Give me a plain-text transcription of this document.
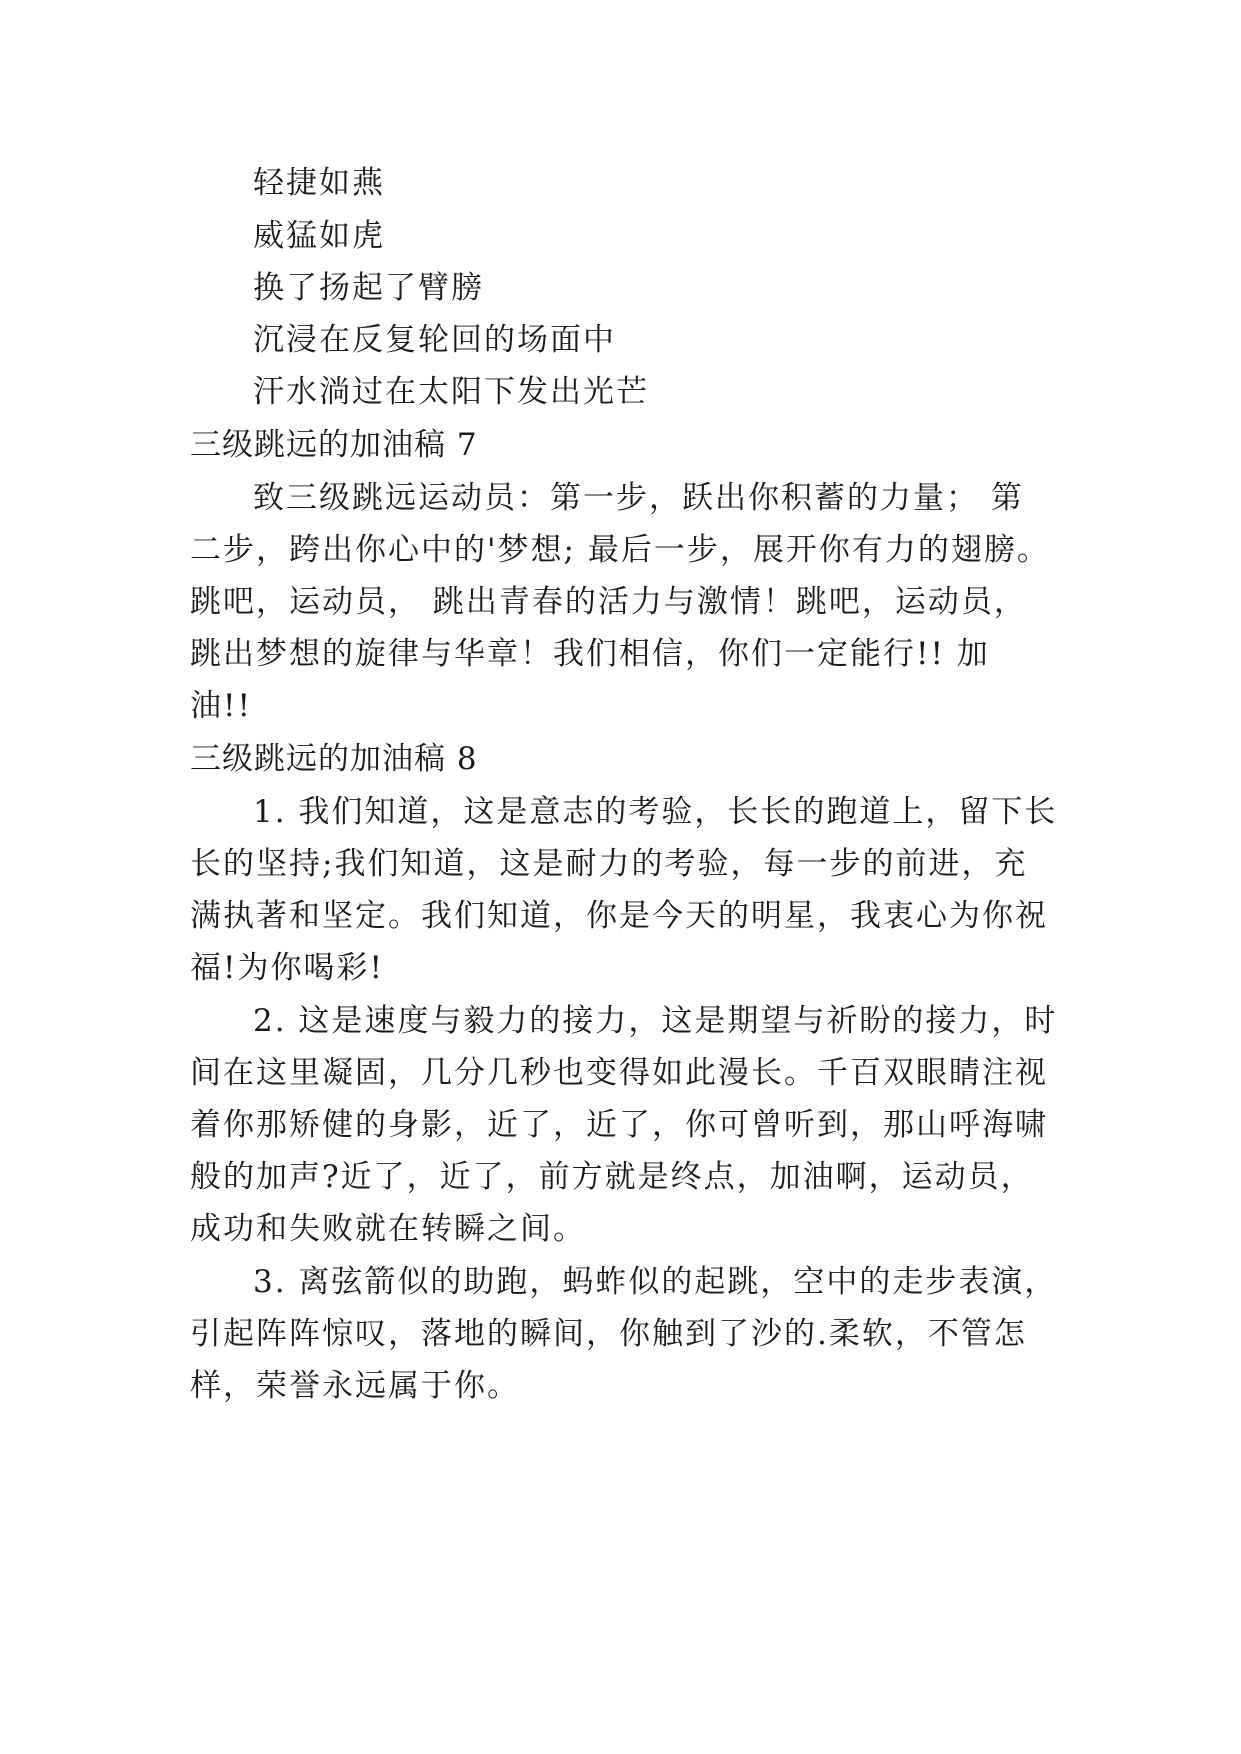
轻捷如燕
威猛如虎
换了扬起了臂膀
沉浸在反复轮回的场面中
汗水淌过在太阳下发出光芒
三级跳远的加油稿 7
致三级跳远运动员：第一步，跃出你积蓄的力量； 第
二步，跨出你心中的'梦想; 最后一步，展开你有力的翅膀。
跳吧，运动员， 跳出青春的活力与激情！跳吧，运动员，
跳出梦想的旋律与华章！我们相信，你们一定能行!! 加
油!!
三级跳远的加油稿 8
1. 我们知道，这是意志的考验，长长的跑道上，留下长
长的坚持;我们知道，这是耐力的考验，每一步的前进，充
满执著和坚定。我们知道，你是今天的明星，我衷心为你祝
福!为你喝彩!
2. 这是速度与毅力的接力，这是期望与祈盼的接力，时
间在这里凝固，几分几秒也变得如此漫长。千百双眼睛注视
着你那矫健的身影，近了，近了，你可曾听到，那山呼海啸
般的加声?近了，近了，前方就是终点，加油啊，运动员，
成功和失败就在转瞬之间。
3. 离弦箭似的助跑，蚂蚱似的起跳，空中的走步表演，
引起阵阵惊叹，落地的瞬间，你触到了沙的.柔软，不管怎
样，荣誉永远属于你。
